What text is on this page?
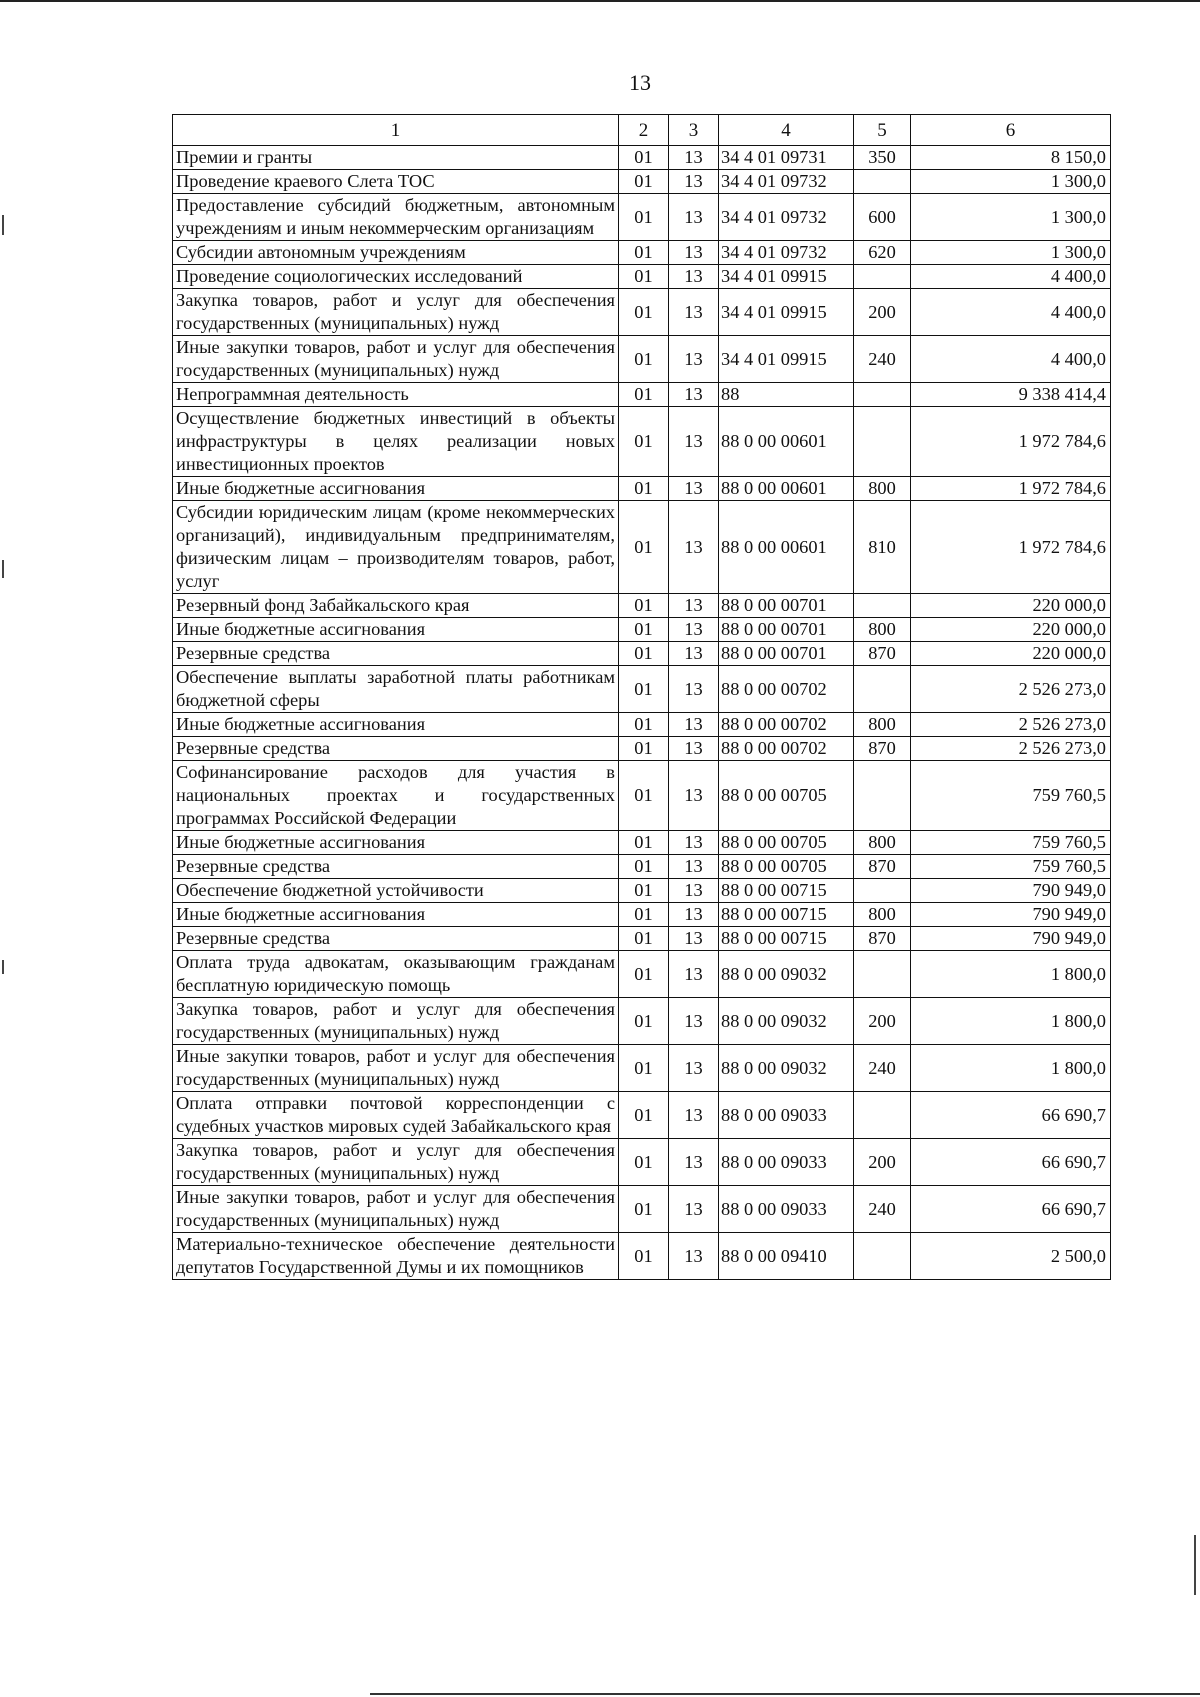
13
1	2	3	4	5	6
Премии и гранты	01	13	34 4 01 09731	350	8 150,0
Проведение краевого Слета ТОС	01	13	34 4 01 09732		1 300,0
Предоставление субсидий бюджетным, автономным учреждениям и иным некоммерческим организациям	01	13	34 4 01 09732	600	1 300,0
Субсидии автономным учреждениям	01	13	34 4 01 09732	620	1 300,0
Проведение социологических исследований	01	13	34 4 01 09915		4 400,0
Закупка товаров, работ и услуг для обеспечения государственных (муниципальных) нужд	01	13	34 4 01 09915	200	4 400,0
Иные закупки товаров, работ и услуг для обеспечения государственных (муниципальных) нужд	01	13	34 4 01 09915	240	4 400,0
Непрограммная деятельность	01	13	88		9 338 414,4
Осуществление бюджетных инвестиций в объекты инфраструктуры в целях реализации новых инвестиционных проектов	01	13	88 0 00 00601		1 972 784,6
Иные бюджетные ассигнования	01	13	88 0 00 00601	800	1 972 784,6
Субсидии юридическим лицам (кроме некоммерческих организаций), индивидуальным предпринимателям, физическим лицам – производителям товаров, работ, услуг	01	13	88 0 00 00601	810	1 972 784,6
Резервный фонд Забайкальского края	01	13	88 0 00 00701		220 000,0
Иные бюджетные ассигнования	01	13	88 0 00 00701	800	220 000,0
Резервные средства	01	13	88 0 00 00701	870	220 000,0
Обеспечение выплаты заработной платы работникам бюджетной сферы	01	13	88 0 00 00702		2 526 273,0
Иные бюджетные ассигнования	01	13	88 0 00 00702	800	2 526 273,0
Резервные средства	01	13	88 0 00 00702	870	2 526 273,0
Софинансирование расходов для участия в национальных проектах и государственных программах Российской Федерации	01	13	88 0 00 00705		759 760,5
Иные бюджетные ассигнования	01	13	88 0 00 00705	800	759 760,5
Резервные средства	01	13	88 0 00 00705	870	759 760,5
Обеспечение бюджетной устойчивости	01	13	88 0 00 00715		790 949,0
Иные бюджетные ассигнования	01	13	88 0 00 00715	800	790 949,0
Резервные средства	01	13	88 0 00 00715	870	790 949,0
Оплата труда адвокатам, оказывающим гражданам бесплатную юридическую помощь	01	13	88 0 00 09032		1 800,0
Закупка товаров, работ и услуг для обеспечения государственных (муниципальных) нужд	01	13	88 0 00 09032	200	1 800,0
Иные закупки товаров, работ и услуг для обеспечения государственных (муниципальных) нужд	01	13	88 0 00 09032	240	1 800,0
Оплата отправки почтовой корреспонденции с судебных участков мировых судей Забайкальского края	01	13	88 0 00 09033		66 690,7
Закупка товаров, работ и услуг для обеспечения государственных (муниципальных) нужд	01	13	88 0 00 09033	200	66 690,7
Иные закупки товаров, работ и услуг для обеспечения государственных (муниципальных) нужд	01	13	88 0 00 09033	240	66 690,7
Материально-техническое обеспечение деятельности депутатов Государственной Думы и их помощников	01	13	88 0 00 09410		2 500,0
